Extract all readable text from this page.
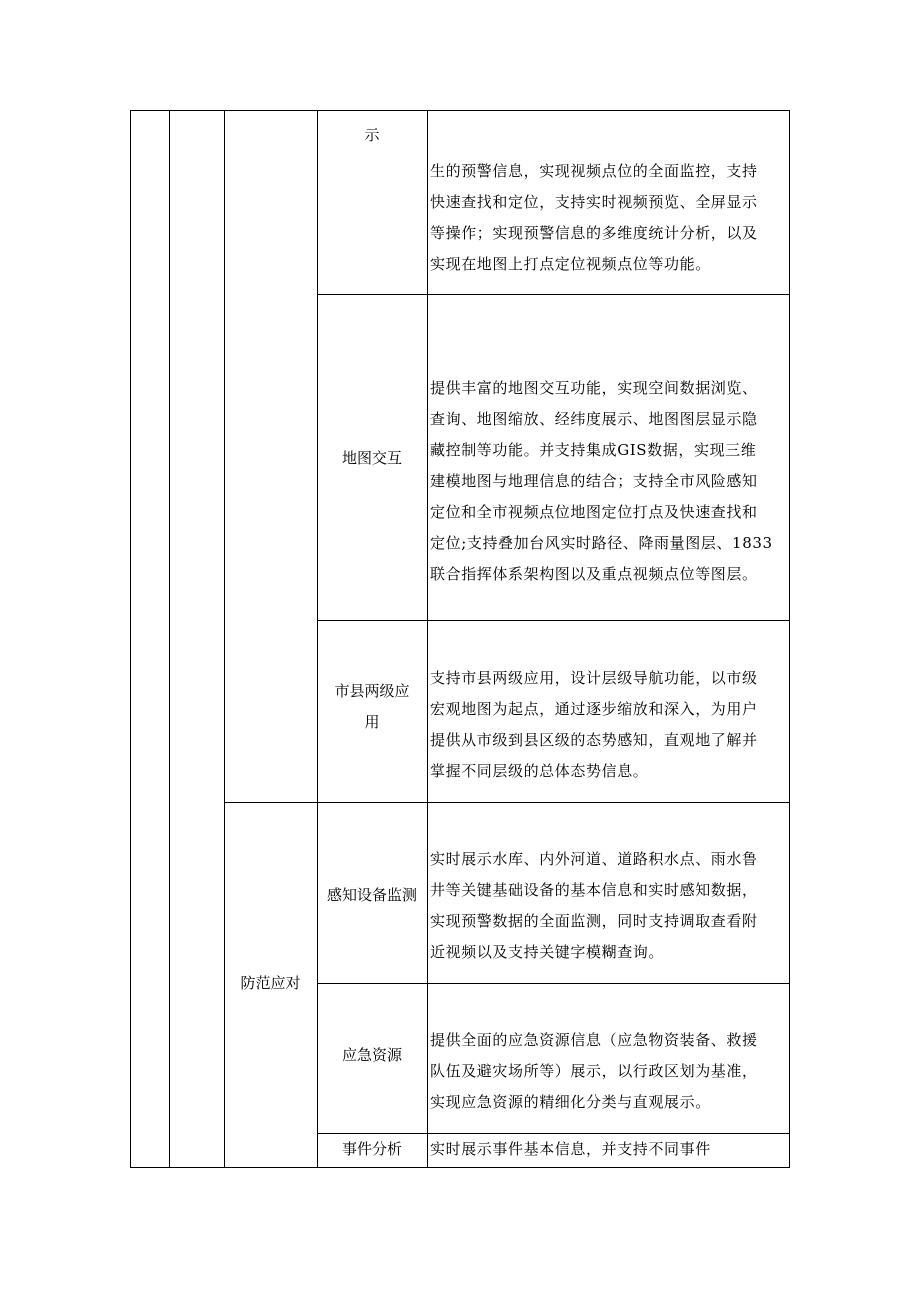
示
生的预警信息，实现视频点位的全面监控，支持
快速查找和定位，支持实时视频预览、全屏显示
等操作；实现预警信息的多维度统计分析，以及
实现在地图上打点定位视频点位等功能。
地图交互
提供丰富的地图交互功能，实现空间数据浏览、
查询、地图缩放、经纬度展示、地图图层显示隐
藏控制等功能。并支持集成GIS数据，实现三维
建模地图与地理信息的结合；支持全市风险感知
定位和全市视频点位地图定位打点及快速查找和
定位;支持叠加台风实时路径、降雨量图层、1833
联合指挥体系架构图以及重点视频点位等图层。
市县两级应
用
支持市县两级应用，设计层级导航功能，以市级
宏观地图为起点，通过逐步缩放和深入，为用户
提供从市级到县区级的态势感知，直观地了解并
掌握不同层级的总体态势信息。
防范应对
感知设备监测
实时展示水库、内外河道、道路积水点、雨水鲁
井等关键基础设备的基本信息和实时感知数据，
实现预警数据的全面监测，同时支持调取查看附
近视频以及支持关键字模糊查询。
应急资源
提供全面的应急资源信息（应急物资装备、救援
队伍及避灾场所等）展示，以行政区划为基准，
实现应急资源的精细化分类与直观展示。
事件分析	实时展示事件基本信息，并支持不同事件
